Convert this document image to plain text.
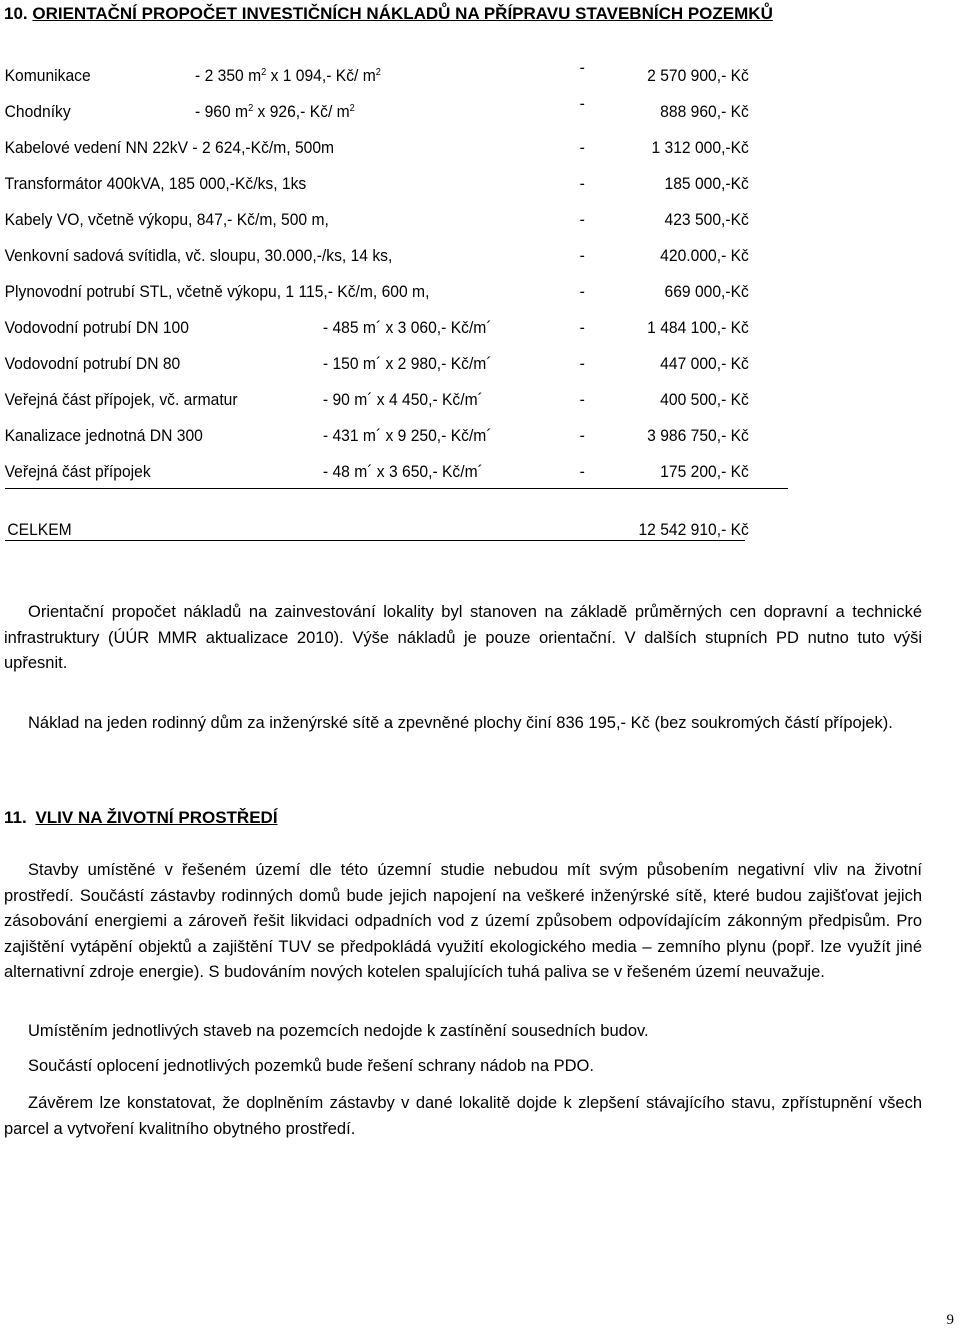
10. ORIENTAČNÍ PROPOČET INVESTIČNÍCH NÁKLADŮ NA PŘÍPRAVU STAVEBNÍCH POZEMKŮ
Komunikace	- 2 350 $m^2$ x 1 094,- Kč/ $m^2$	-	2 570 900,- Kč
Chodníky	- 960 $m^2$ x 926,- Kč/ $m^2$	-	888 960,- Kč
Kabelové vedení NN 22kV - 2 624,-Kč/m, 500m	-	1 312 000,-Kč
Transformátor 400kVA, 185 000,-Kč/ks, 1ks	-	185 000,-Kč
Kabely VO, včetně výkopu, 847,- Kč/m, 500 m,	-	423 500,-Kč
Venkovní sadová svítidla, vč. sloupu, 30.000,-/ks, 14 ks,	-	420.000,- Kč
Plynovodní potrubí STL, včetně výkopu, 1 115,- Kč/m, 600 m,	-	669 000,-Kč
Vodovodní potrubí DN 100	- 485 m´ x 3 060,- Kč/m´	-	1 484 100,- Kč
Vodovodní potrubí DN 80	- 150 m´ x 2 980,- Kč/m´	-	447 000,- Kč
Veřejná část přípojek, vč. armatur	- 90 m´ x 4 450,- Kč/m´	-	400 500,- Kč
Kanalizace jednotná DN 300	- 431 m´ x 9 250,- Kč/m´	-	3 986 750,- Kč
Veřejná část přípojek	- 48 m´ x 3 650,- Kč/m´	-	175 200,- Kč
CELKEM	12 542 910,- Kč

Orientační propočet nákladů na zainvestování lokality byl stanoven na základě průměrných cen dopravní a technické infrastruktury (ÚÚR MMR aktualizace 2010). Výše nákladů je pouze orientační. V dalších stupních PD nutno tuto výši upřesnit.

Náklad na jeden rodinný dům za inženýrské sítě a zpevněné plochy činí 836 195,- Kč (bez soukromých částí přípojek).

11. VLIV NA ŽIVOTNÍ PROSTŘEDÍ

Stavby umístěné v řešeném území dle této územní studie nebudou mít svým působením negativní vliv na životní prostředí. Součástí zástavby rodinných domů bude jejich napojení na veškeré inženýrské sítě, které budou zajišťovat jejich zásobování energiemi a zároveň řešit likvidaci odpadních vod z území způsobem odpovídajícím zákonným předpisům. Pro zajištění vytápění objektů a zajištění TUV se předpokládá využití ekologického media – zemního plynu (popř. lze využít jiné alternativní zdroje energie). S budováním nových kotelen spalujících tuhá paliva se v řešeném území neuvažuje.

Umístěním jednotlivých staveb na pozemcích nedojde k zastínění sousedních budov.

Součástí oplocení jednotlivých pozemků bude řešení schrany nádob na PDO.

Závěrem lze konstatovat, že doplněním zástavby v dané lokalitě dojde k zlepšení stávajícího stavu, zpřístupnění všech parcel a vytvoření kvalitního obytného prostředí.

9
